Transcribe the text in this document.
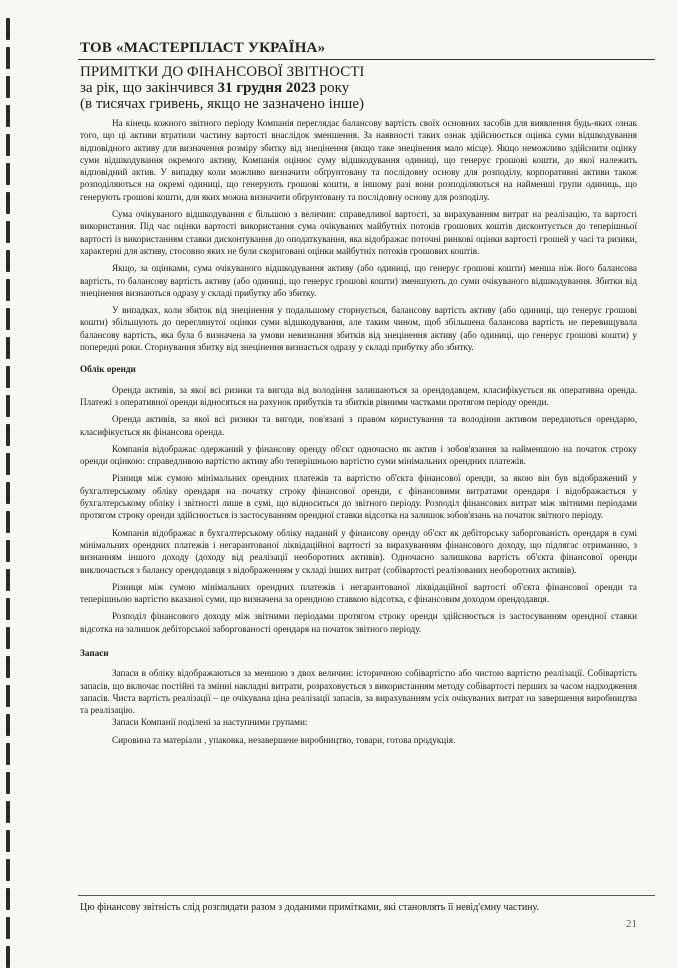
ТОВ «МАСТЕРПЛАСТ УКРАЇНА»
ПРИМІТКИ ДО ФІНАНСОВОЇ ЗВІТНОСТІ
за рік, що закінчився 31 грудня 2023 року
(в тисячах гривень, якщо не зазначено інше)

На кінець кожного звітного періоду Компанія переглядає балансову вартість своїх основних засобів для виявлення будь-яких ознак того, що ці активи втратили частину вартості внаслідок зменшення. За наявності таких ознак здійснюється оцінка суми відшкодування відповідного активу для визначення розміру збитку від знецінення (якщо таке знецінення мало місце). Якщо неможливо здійснити оцінку суми відшкодування окремого активу, Компанія оцінює суму відшкодування одиниці, що генерує грошові кошти, до якої належить відповідний актив. У випадку коли можливо визначити обґрунтовану та послідовну основу для розподілу, корпоративні активи також розподіляються на окремі одиниці, що генерують грошові кошти, в іншому разі вони розподіляються на найменші групи одиниць, що генерують грошові кошти, для яких можна визначити обґрунтовану та послідовну основу для розподілу.

Сума очікуваного відшкодування є більшою з величин: справедливої вартості, за вирахуванням витрат на реалізацію, та вартості використання. Під час оцінки вартості використання сума очікуваних майбутніх потоків грошових коштів дисконтується до теперішньої вартості із використанням ставки дисконтування до оподаткування, яка відображає поточні ринкові оцінки вартості грошей у часі та ризики, характерні для активу, стосовно яких не були скориговані оцінки майбутніх потоків грошових коштів.

Якщо, за оцінками, сума очікуваного відшкодування активу (або одиниці, що генерує грошові кошти) менша ніж його балансова вартість, то балансову вартість активу (або одиниці, що генерує грошові кошти) зменшують до суми очікуваного відшкодування. Збитки від знецінення визнаються одразу у складі прибутку або збитку.

У випадках, коли збиток від знецінення у подальшому сторнується, балансову вартість активу (або одиниці, що генерує грошові кошти) збільшують до переглянутої оцінки суми відшкодування, але таким чином, щоб збільшена балансова вартість не перевищувала балансову вартість, яка була б визначена за умови невизнання збитків від знецінення активу (або одиниці, що генерує грошові кошти) у попередні роки. Сторнування збитку від знецінення визнається одразу у складі прибутку або збитку.

Облік оренди

Оренда активів, за якої всі ризики та вигода від володіння залишаються за орендодавцем, класифікується як оперативна оренда. Платежі з оперативної оренди відносяться на рахунок прибутків та збитків рівними частками протягом періоду оренди.

Оренда активів, за якої всі ризики та вигоди, пов'язані з правом користування та володіння активом передаються орендарю, класифікується як фінансова оренда.

Компанія відображає одержаний у фінансову оренду об'єкт одночасно як актив і зобов'язання за найменшою на початок строку оренди оцінкою: справедливою вартістю активу або теперішньою вартістю суми мінімальних орендних платежів.

Різниця між сумою мінімальних орендних платежів та вартістю об'єкта фінансової оренди, за якою він був відображений у бухгалтерському обліку орендаря на початку строку фінансової оренди, є фінансовими витратами орендаря і відображається у бухгалтерському обліку і звітності лише в сумі, що відноситься до звітного періоду. Розподіл фінансових витрат між звітними періодами протягом строку оренди здійснюється із застосуванням орендної ставки відсотка на залишок зобов'язань на початок звітного періоду.

Компанія відображає в бухгалтерському обліку наданий у фінансову оренду об'єкт як дебіторську заборгованість орендаря в сумі мінімальних орендних платежів і негарантованої ліквідаційної вартості за вирахуванням фінансового доходу, що підлягає отриманню, з визнанням іншого доходу (доходу від реалізації необоротних активів). Одночасно залишкова вартість об'єкта фінансової оренди виключається з балансу орендодавця з відображенням у складі інших витрат (собівартості реалізованих необоротних активів).

Різниця між сумою мінімальних орендних платежів і негарантованої ліквідаційної вартості об'єкта фінансової оренди та теперішньою вартістю вказаної суми, що визначена за орендною ставкою відсотка, є фінансовим доходом орендодавця.

Розподіл фінансового доходу між звітними періодами протягом строку оренди здійснюється із застосуванням орендної ставки відсотка на залишок дебіторської заборгованості орендаря на початок звітного періоду.

Запаси

Запаси в обліку відображаються за меншою з двох величин: історичною собівартістю або чистою вартістю реалізації. Собівартість запасів, що включає постійні та змінні накладні витрати, розраховується з використанням методу собівартості перших за часом надходження запасів. Чиста вартість реалізації – це очікувана ціна реалізації запасів, за вирахуванням усіх очікуваних витрат на завершення виробництва та реалізацію.

Запаси Компанії поділені за наступними групами:

Сировина та матеріали , упаковка, незавершене виробництво, товари, готова продукція.

Цю фінансову звітність слід розглядати разом з доданими примітками, які становлять її невід'ємну частину.
21
